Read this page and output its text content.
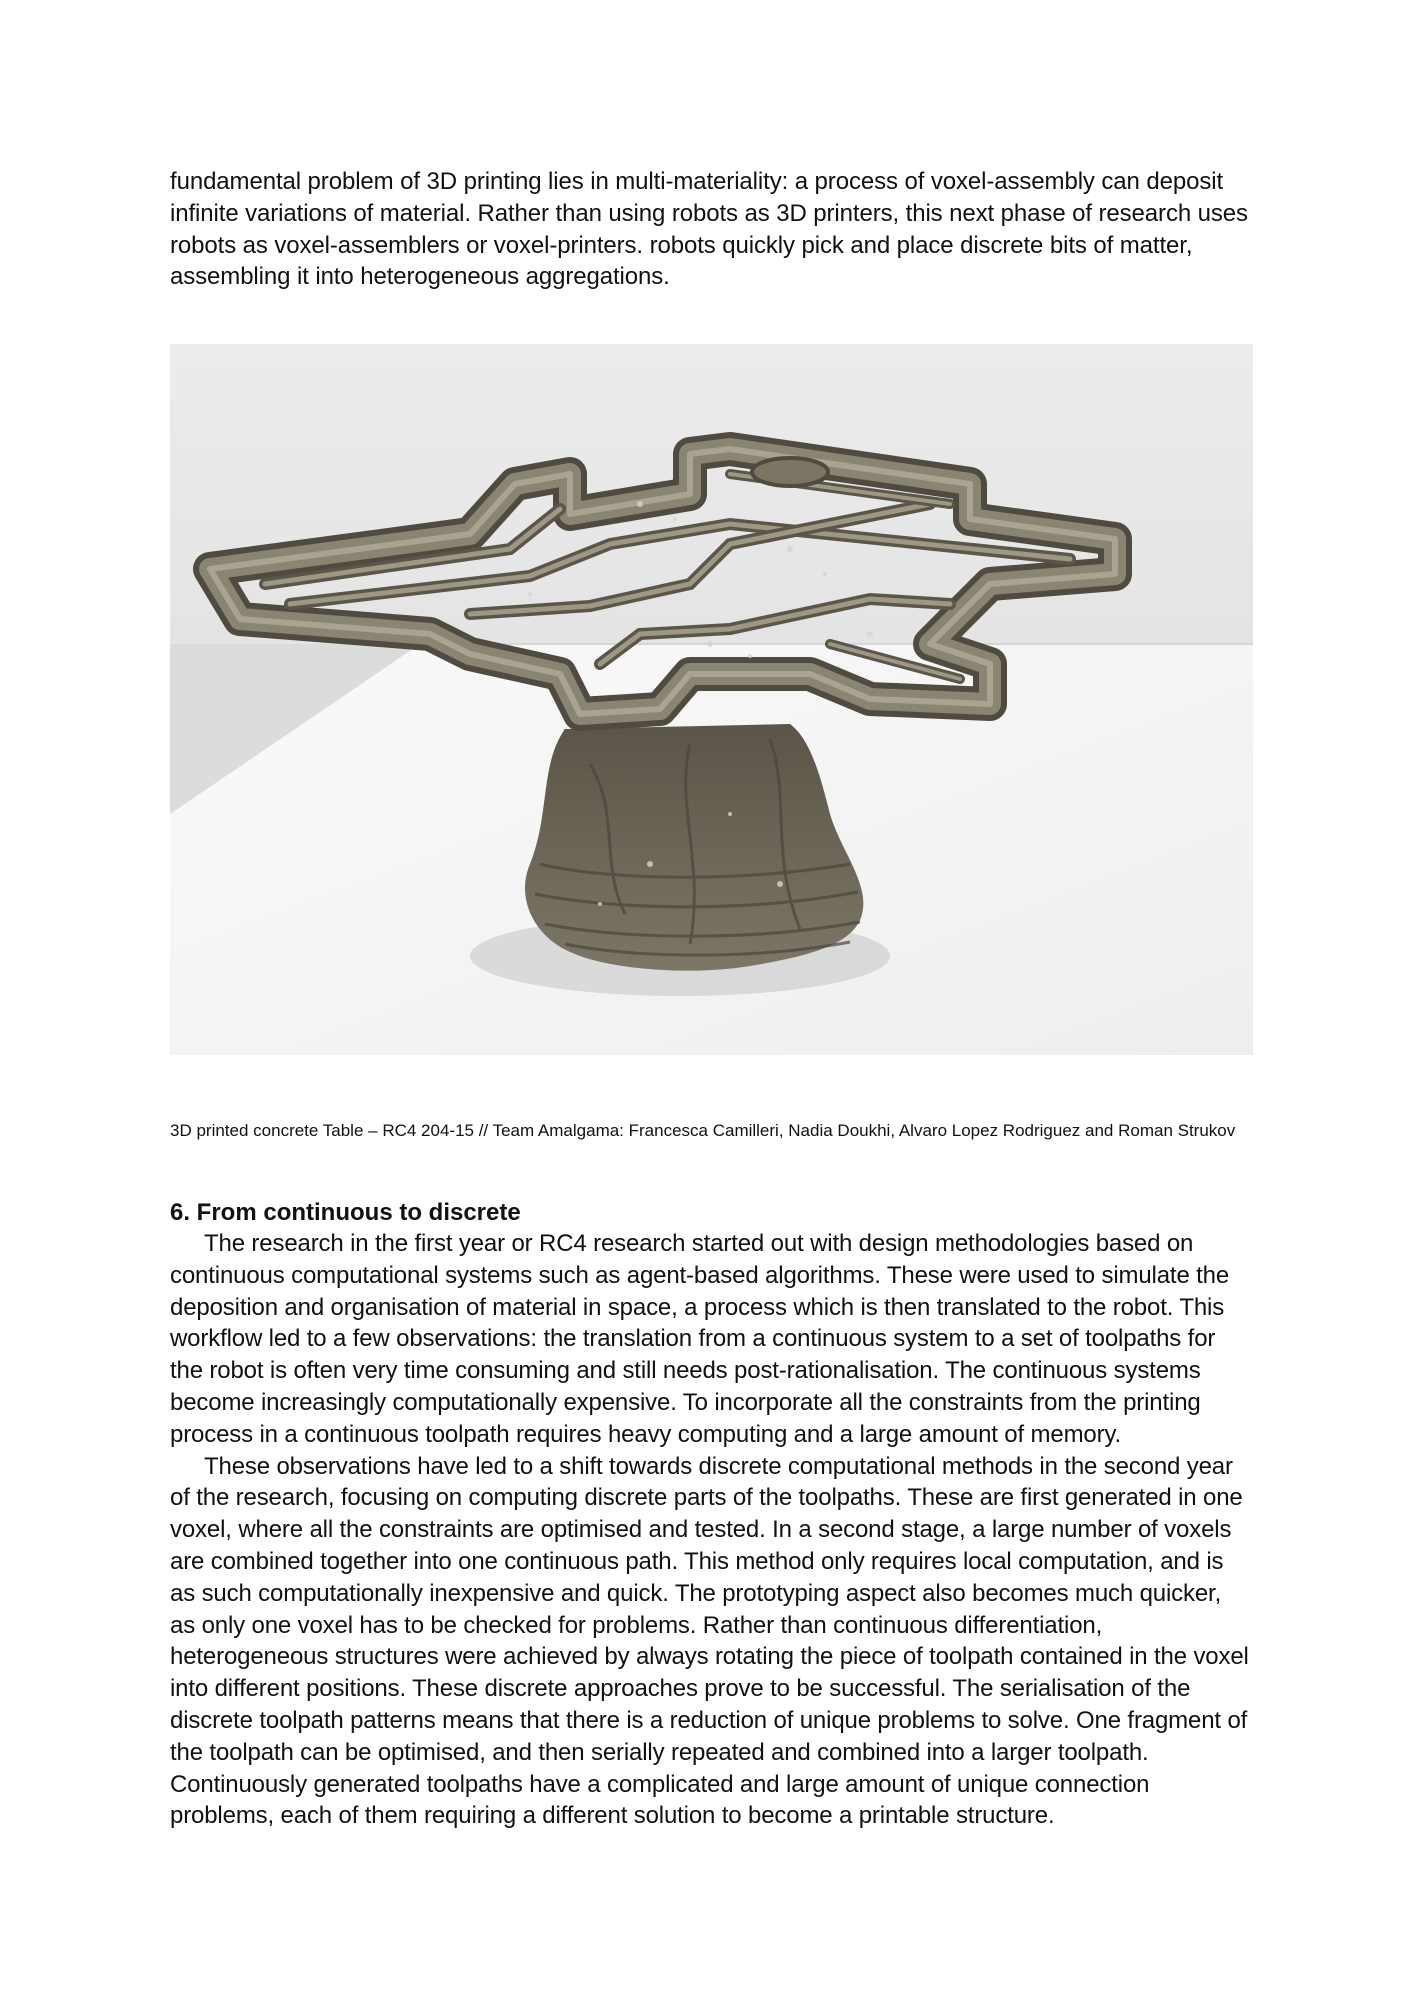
fundamental problem of 3D printing lies in multi-materiality: a process of voxel-assembly can deposit infinite variations of material. Rather than using robots as 3D printers, this next phase of research uses robots as voxel-assemblers or voxel-printers. robots quickly pick and place discrete bits of matter, assembling it into heterogeneous aggregations.

3D printed concrete Table – RC4 204-15 // Team Amalgama: Francesca Camilleri, Nadia Doukhi, Alvaro Lopez Rodriguez and Roman Strukov

6. From continuous to discrete

The research in the first year or RC4 research started out with design methodologies based on continuous computational systems such as agent-based algorithms. These were used to simulate the deposition and organisation of material in space, a process which is then translated to the robot. This workflow led to a few observations: the translation from a continuous system to a set of toolpaths for the robot is often very time consuming and still needs post-rationalisation. The continuous systems become increasingly computationally expensive. To incorporate all the constraints from the printing process in a continuous toolpath requires heavy computing and a large amount of memory.

These observations have led to a shift towards discrete computational methods in the second year of the research, focusing on computing discrete parts of the toolpaths. These are first generated in one voxel, where all the constraints are optimised and tested. In a second stage, a large number of voxels are combined together into one continuous path. This method only requires local computation, and is as such computationally inexpensive and quick. The prototyping aspect also becomes much quicker, as only one voxel has to be checked for problems. Rather than continuous differentiation, heterogeneous structures were achieved by always rotating the piece of toolpath contained in the voxel into different positions. These discrete approaches prove to be successful. The serialisation of the discrete toolpath patterns means that there is a reduction of unique problems to solve. One fragment of the toolpath can be optimised, and then serially repeated and combined into a larger toolpath. Continuously generated toolpaths have a complicated and large amount of unique connection problems, each of them requiring a different solution to become a printable structure.
